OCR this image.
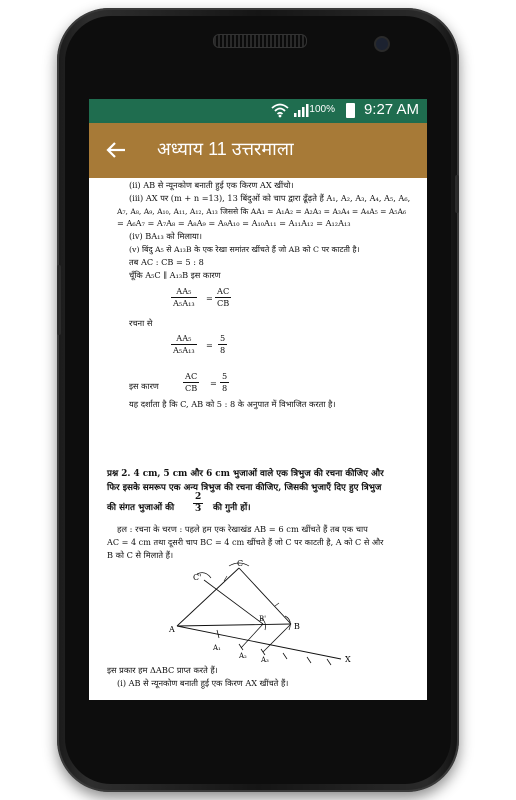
100% 9:27 AM
अध्याय 11 उत्तरमाला
(ii) AB से न्यूनकोण बनाती हुई एक किरण AX खींचो।
(iii) AX पर (m + n =13), 13 बिंदुओं को चाप द्वारा ढूँढ़ते हैं A₁, A₂, A₃, A₄, A₅, A₆,
A₇, A₈, A₉, A₁₀, A₁₁, A₁₂, A₁₃ जिससे कि AA₁ = A₁A₂ = A₂A₃ = A₃A₄ = A₄A₅ = A₅A₆
= A₆A₇ = A₇A₈ = A₈A₉ = A₉A₁₀ = A₁₀A₁₁ = A₁₁A₁₂ = A₁₂A₁₃
(iv) BA₁₃ को मिलाया।
(v) बिंदु A₅ से A₁₃B के एक रेखा समांतर खींचते हैं जो AB को C पर काटती है।
तब AC : CB = 5 : 8
चूँकि A₅C ∥ A₁₃B इस कारण
$\frac{\text{AA₅}}{\text{A₅A₁₃}} = \frac{AC}{CB}$
रचना से
$\frac{\text{AA₅}}{\text{A₅A₁₃}} = \frac{5}{8}$
इस कारण	$\frac{AC}{CB} = \frac{5}{8}$
यह दर्शाता है कि C, AB को 5 : 8 के अनुपात में विभाजित करता है।
प्रश्न 2. 4 cm, 5 cm और 6 cm भुजाओं वाले एक त्रिभुज की रचना कीजिए और
फिर इसके समरूप एक अन्य त्रिभुज की रचना कीजिए, जिसकी भुजाएँ दिए हुए त्रिभुज
की संगत भुजाओं की $\frac{2}{3}$ की गुनी हों।
हल : रचना के चरण : पहले हम एक रेखाखंड AB = 6 cm खींचते हैं तब एक चाप
AC = 4 cm तथा दूसरी चाप BC = 4 cm खींचते हैं जो C पर काटती है, A को C से और
B को C से मिलाते हैं।
C
C'
A	B
B'
X
A₁
A₂ A₃
इस प्रकार हम ΔABC प्राप्त करते हैं।
(i) AB से न्यूनकोण बनाती हुई एक किरण AX खींचते हैं।
